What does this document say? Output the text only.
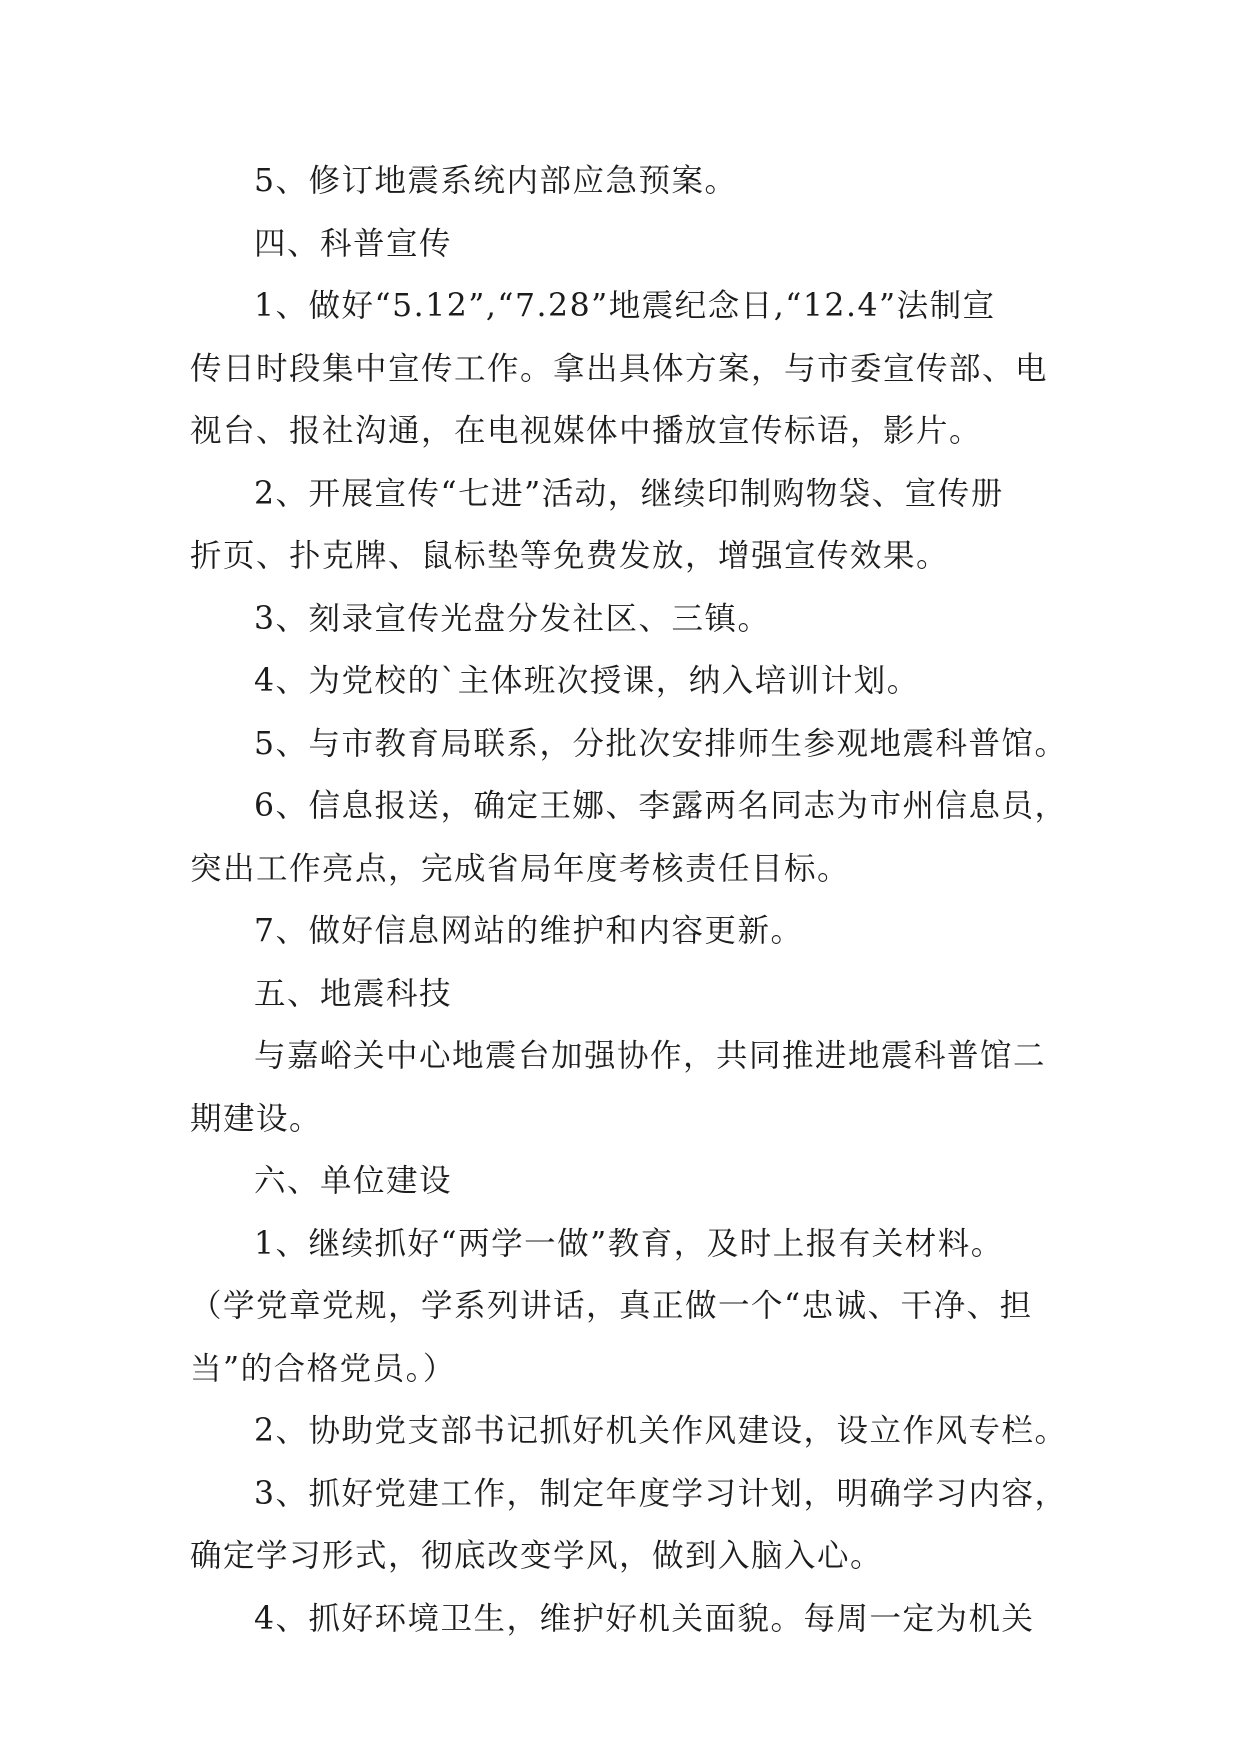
5、修订地震系统内部应急预案。
四、科普宣传
1、做好“5.12”,“7.28”地震纪念日,“12.4”法制宣
传日时段集中宣传工作。拿出具体方案，与市委宣传部、电
视台、报社沟通，在电视媒体中播放宣传标语，影片。
2、开展宣传“七进”活动，继续印制购物袋、宣传册
折页、扑克牌、鼠标垫等免费发放，增强宣传效果。
3、刻录宣传光盘分发社区、三镇。
4、为党校的`主体班次授课，纳入培训计划。
5、与市教育局联系，分批次安排师生参观地震科普馆。
6、信息报送，确定王娜、李露两名同志为市州信息员，
突出工作亮点，完成省局年度考核责任目标。
7、做好信息网站的维护和内容更新。
五、地震科技
与嘉峪关中心地震台加强协作，共同推进地震科普馆二
期建设。
六、单位建设
1、继续抓好“两学一做”教育，及时上报有关材料。
（学党章党规，学系列讲话，真正做一个“忠诚、干净、担
当”的合格党员。）
2、协助党支部书记抓好机关作风建设，设立作风专栏。
3、抓好党建工作，制定年度学习计划，明确学习内容，
确定学习形式，彻底改变学风，做到入脑入心。
4、抓好环境卫生，维护好机关面貌。每周一定为机关
